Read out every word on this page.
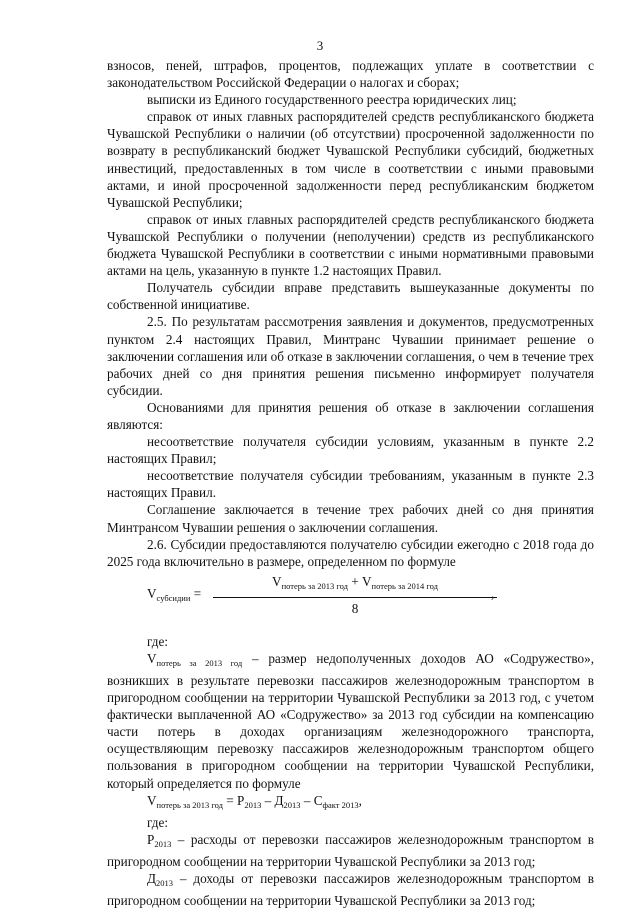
3

взносов, пеней, штрафов, процентов, подлежащих уплате в соответствии с законодательством Российской Федерации о налогах и сборах;

выписки из Единого государственного реестра юридических лиц;

справок от иных главных распорядителей средств республиканского бюджета Чувашской Республики о наличии (об отсутствии) просроченной задолженности по возврату в республиканский бюджет Чувашской Республики субсидий, бюджетных инвестиций, предоставленных в том числе в соответствии с иными правовыми актами, и иной просроченной задолженности перед республиканским бюджетом Чувашской Республики;

справок от иных главных распорядителей средств республиканского бюджета Чувашской Республики о получении (неполучении) средств из республиканского бюджета Чувашской Республики в соответствии с иными нормативными правовыми актами на цель, указанную в пункте 1.2 настоящих Правил.

Получатель субсидии вправе представить вышеуказанные документы по собственной инициативе.

2.5. По результатам рассмотрения заявления и документов, предусмотренных пунктом 2.4 настоящих Правил, Минтранс Чувашии принимает решение о заключении соглашения или об отказе в заключении соглашения, о чем в течение трех рабочих дней со дня принятия решения письменно информирует получателя субсидии.

Основаниями для принятия решения об отказе в заключении соглашения являются:

несоответствие получателя субсидии условиям, указанным в пункте 2.2 настоящих Правил;

несоответствие получателя субсидии требованиям, указанным в пункте 2.3 настоящих Правил.

Соглашение заключается в течение трех рабочих дней со дня принятия Минтрансом Чувашии решения о заключении соглашения.

2.6. Субсидии предоставляются получателю субсидии ежегодно с 2018 года до 2025 года включительно в размере, определенном по формуле

$V_{субсидии}$ =
$V_{потерь за 2013 год} + V_{потерь за 2014 год}$
8
,

где:

$V_{потерь за 2013 год}$ – размер недополученных доходов АО «Содружество», возникших в результате перевозки пассажиров железнодорожным транспортом в пригородном сообщении на территории Чувашской Республики за 2013 год, с учетом фактически выплаченной АО «Содружество» за 2013 год субсидии на компенсацию части потерь в доходах организациям железнодорожного транспорта, осуществляющим перевозку пассажиров железнодорожным транспортом общего пользования в пригородном сообщении на территории Чувашской Республики, который определяется по формуле

$V_{потерь за 2013 год} = Р_{2013} - Д_{2013} - С_{факт 2013}$,

где:

$Р_{2013}$ – расходы от перевозки пассажиров железнодорожным транспортом в пригородном сообщении на территории Чувашской Республики за 2013 год;

$Д_{2013}$ – доходы от перевозки пассажиров железнодорожным транспортом в пригородном сообщении на территории Чувашской Республики за 2013 год;
